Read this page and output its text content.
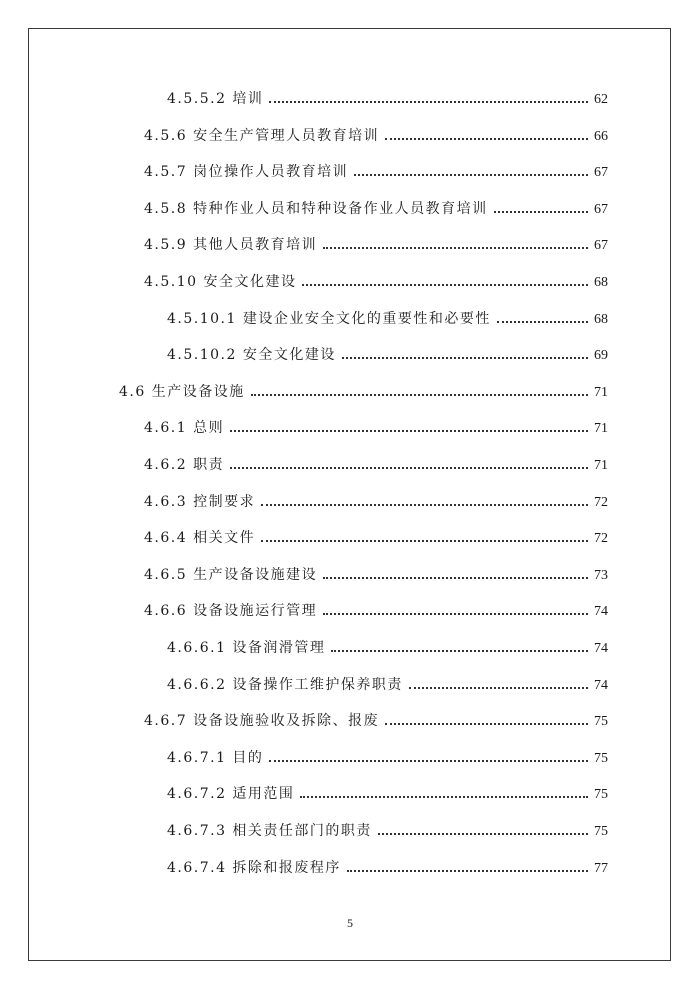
4.5.5.2 培训	62
4.5.6 安全生产管理人员教育培训	66
4.5.7 岗位操作人员教育培训	67
4.5.8 特种作业人员和特种设备作业人员教育培训	67
4.5.9 其他人员教育培训	67
4.5.10 安全文化建设	68
4.5.10.1 建设企业安全文化的重要性和必要性	68
4.5.10.2 安全文化建设	69
4.6 生产设备设施	71
4.6.1 总则	71
4.6.2 职责	71
4.6.3 控制要求	72
4.6.4 相关文件	72
4.6.5 生产设备设施建设	73
4.6.6 设备设施运行管理	74
4.6.6.1 设备润滑管理	74
4.6.6.2 设备操作工维护保养职责	74
4.6.7 设备设施验收及拆除、报废	75
4.6.7.1 目的	75
4.6.7.2 适用范围	75
4.6.7.3 相关责任部门的职责	75
4.6.7.4 拆除和报废程序	77
5
